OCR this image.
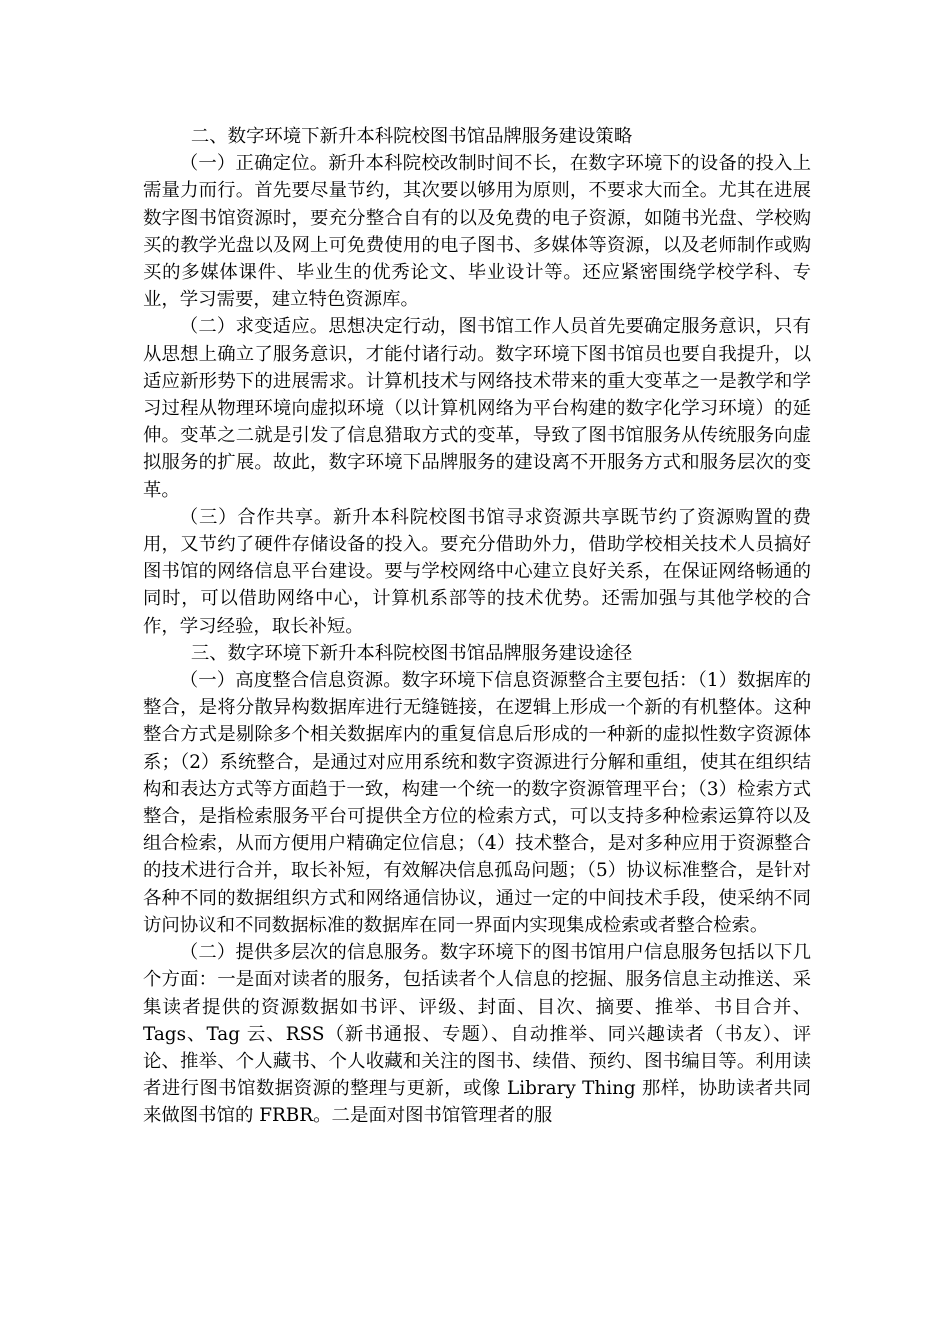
二、数字环境下新升本科院校图书馆品牌服务建设策略

（一）正确定位。新升本科院校改制时间不长，在数字环境下的设备的投入上需量力而行。首先要尽量节约，其次要以够用为原则，不要求大而全。尤其在进展数字图书馆资源时，要充分整合自有的以及免费的电子资源，如随书光盘、学校购买的教学光盘以及网上可免费使用的电子图书、多媒体等资源，以及老师制作或购买的多媒体课件、毕业生的优秀论文、毕业设计等。还应紧密围绕学校学科、专业，学习需要，建立特色资源库。

（二）求变适应。思想决定行动，图书馆工作人员首先要确定服务意识，只有从思想上确立了服务意识，才能付诸行动。数字环境下图书馆员也要自我提升，以适应新形势下的进展需求。计算机技术与网络技术带来的重大变革之一是教学和学习过程从物理环境向虚拟环境（以计算机网络为平台构建的数字化学习环境）的延伸。变革之二就是引发了信息猎取方式的变革，导致了图书馆服务从传统服务向虚拟服务的扩展。故此，数字环境下品牌服务的建设离不开服务方式和服务层次的变革。

（三）合作共享。新升本科院校图书馆寻求资源共享既节约了资源购置的费用，又节约了硬件存储设备的投入。要充分借助外力，借助学校相关技术人员搞好图书馆的网络信息平台建设。要与学校网络中心建立良好关系，在保证网络畅通的同时，可以借助网络中心，计算机系部等的技术优势。还需加强与其他学校的合作，学习经验，取长补短。

三、数字环境下新升本科院校图书馆品牌服务建设途径

（一）高度整合信息资源。数字环境下信息资源整合主要包括：（1）数据库的整合，是将分散异构数据库进行无缝链接，在逻辑上形成一个新的有机整体。这种整合方式是剔除多个相关数据库内的重复信息后形成的一种新的虚拟性数字资源体系；（2）系统整合，是通过对应用系统和数字资源进行分解和重组，使其在组织结构和表达方式等方面趋于一致，构建一个统一的数字资源管理平台；（3）检索方式整合，是指检索服务平台可提供全方位的检索方式，可以支持多种检索运算符以及组合检索，从而方便用户精确定位信息；（4）技术整合，是对多种应用于资源整合的技术进行合并，取长补短，有效解决信息孤岛问题；（5）协议标准整合，是针对各种不同的数据组织方式和网络通信协议，通过一定的中间技术手段，使采纳不同访问协议和不同数据标准的数据库在同一界面内实现集成检索或者整合检索。

（二）提供多层次的信息服务。数字环境下的图书馆用户信息服务包括以下几个方面：一是面对读者的服务，包括读者个人信息的挖掘、服务信息主动推送、采集读者提供的资源数据如书评、评级、封面、目次、摘要、推举、书目合并、Tags、Tag 云、RSS（新书通报、专题）、自动推举、同兴趣读者（书友）、评论、推举、个人藏书、个人收藏和关注的图书、续借、预约、图书编目等。利用读者进行图书馆数据资源的整理与更新，或像 Library Thing 那样，协助读者共同来做图书馆的 FRBR。二是面对图书馆管理者的服
